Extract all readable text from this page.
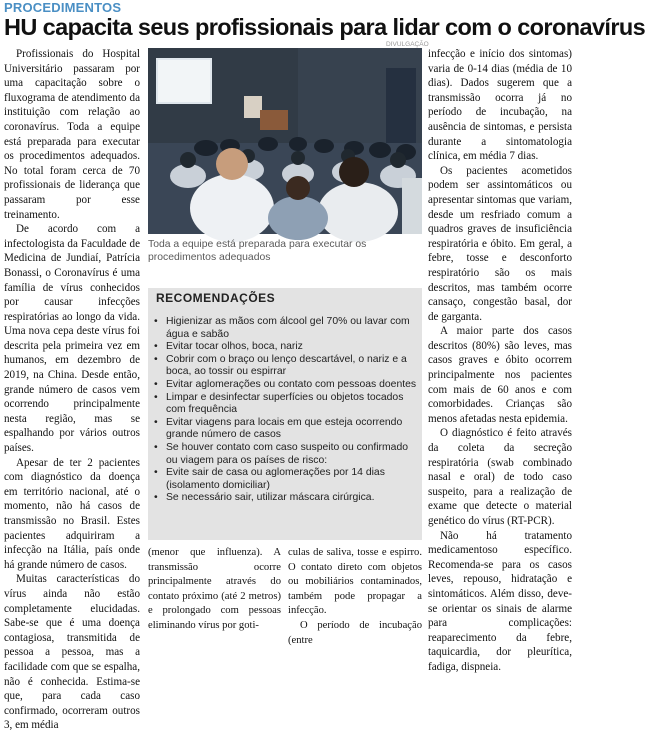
PROCEDIMENTOS
HU capacita seus profissionais para lidar com o coronavírus

Profissionais do Hospital Universitário passaram por uma capacitação sobre o fluxograma de atendimento da instituição com relação ao coronavírus. Toda a equipe está preparada para executar os procedimentos adequados. No total foram cerca de 70 profissionais de liderança que passaram por esse treinamento.

De acordo com a infectologista da Faculdade de Medicina de Jundiaí, Patrícia Bonassi, o Coronavírus é uma família de vírus conhecidos por causar infecções respiratórias ao longo da vida. Uma nova cepa deste vírus foi descrita pela primeira vez em humanos, em dezembro de 2019, na China. Desde então, grande número de casos vem ocorrendo principalmente nesta região, mas se espalhando por vários outros países.

Apesar de ter 2 pacientes com diagnóstico da doença em território nacional, até o momento, não há casos de transmissão no Brasil. Estes pacientes adquiriram a infecção na Itália, país onde há grande número de casos.

Muitas características do vírus ainda não estão completamente elucidadas. Sabe-se que é uma doença contagiosa, transmitida de pessoa a pessoa, mas a facilidade com que se espalha, não é conhecida. Estima-se que, para cada caso confirmado, ocorreram outros 3, em média

DIVULGAÇÃO
Toda a equipe está preparada para executar os procedimentos adequados
RECOMENDAÇÕES
• Higienizar as mãos com álcool gel 70% ou lavar com água e sabão
• Evitar tocar olhos, boca, nariz
• Cobrir com o braço ou lenço descartável, o nariz e a boca, ao tossir ou espirrar
• Evitar aglomerações ou contato com pessoas doentes
• Limpar e desinfectar superfícies ou objetos tocados com frequência
• Evitar viagens para locais em que esteja ocorrendo grande número de casos
• Se houver contato com caso suspeito ou confirmado ou viagem para os países de risco:
• Evite sair de casa ou aglomerações por 14 dias (isolamento domiciliar)
• Se necessário sair, utilizar máscara cirúrgica.

(menor que influenza). A transmissão ocorre principalmente através do contato próximo (até 2 metros) e prolongado com pessoas eliminando vírus por goti-

culas de saliva, tosse e espirro. O contato direto com objetos ou mobiliários contaminados, também pode propagar a infecção.

O período de incubação (entre

infecção e início dos sintomas) varia de 0-14 dias (média de 10 dias). Dados sugerem que a transmissão ocorra já no período de incubação, na ausência de sintomas, e persista durante a sintomatologia clínica, em média 7 dias.

Os pacientes acometidos podem ser assintomáticos ou apresentar sintomas que variam, desde um resfriado comum a quadros graves de insuficiência respiratória e óbito. Em geral, a febre, tosse e desconforto respiratório são os mais descritos, mas também ocorre cansaço, congestão basal, dor de garganta.

A maior parte dos casos descritos (80%) são leves, mas casos graves e óbito ocorrem principalmente nos pacientes com mais de 60 anos e com comorbidades. Crianças são menos afetadas nesta epidemia.

O diagnóstico é feito através da coleta da secreção respiratória (swab combinado nasal e oral) de todo caso suspeito, para a realização de exame que detecte o material genético do vírus (RT-PCR).

Não há tratamento medicamentoso específico. Recomenda-se para os casos leves, repouso, hidratação e sintomáticos. Além disso, deve-se orientar os sinais de alarme para complicações: reaparecimento da febre, taquicardia, dor pleurítica, fadiga, dispneia.
